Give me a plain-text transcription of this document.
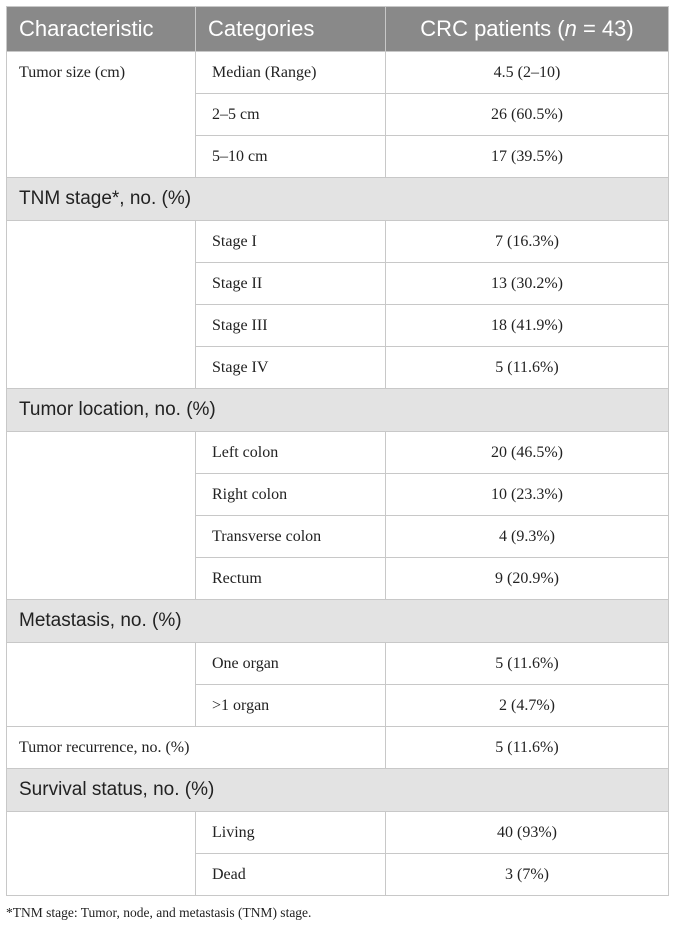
Characteristic	Categories	CRC patients (n = 43)
Tumor size (cm)	Median (Range)	4.5 (2–10)
	2–5 cm	26 (60.5%)
	5–10 cm	17 (39.5%)
TNM stage*, no. (%)		
	Stage I	7 (16.3%)
	Stage II	13 (30.2%)
	Stage III	18 (41.9%)
	Stage IV	5 (11.6%)
Tumor location, no. (%)		
	Left colon	20 (46.5%)
	Right colon	10 (23.3%)
	Transverse colon	4 (9.3%)
	Rectum	9 (20.9%)
Metastasis, no. (%)		
	One organ	5 (11.6%)
	>1 organ	2 (4.7%)
Tumor recurrence, no. (%)		5 (11.6%)
Survival status, no. (%)		
	Living	40 (93%)
	Dead	3 (7%)
*TNM stage: Tumor, node, and metastasis (TNM) stage.
